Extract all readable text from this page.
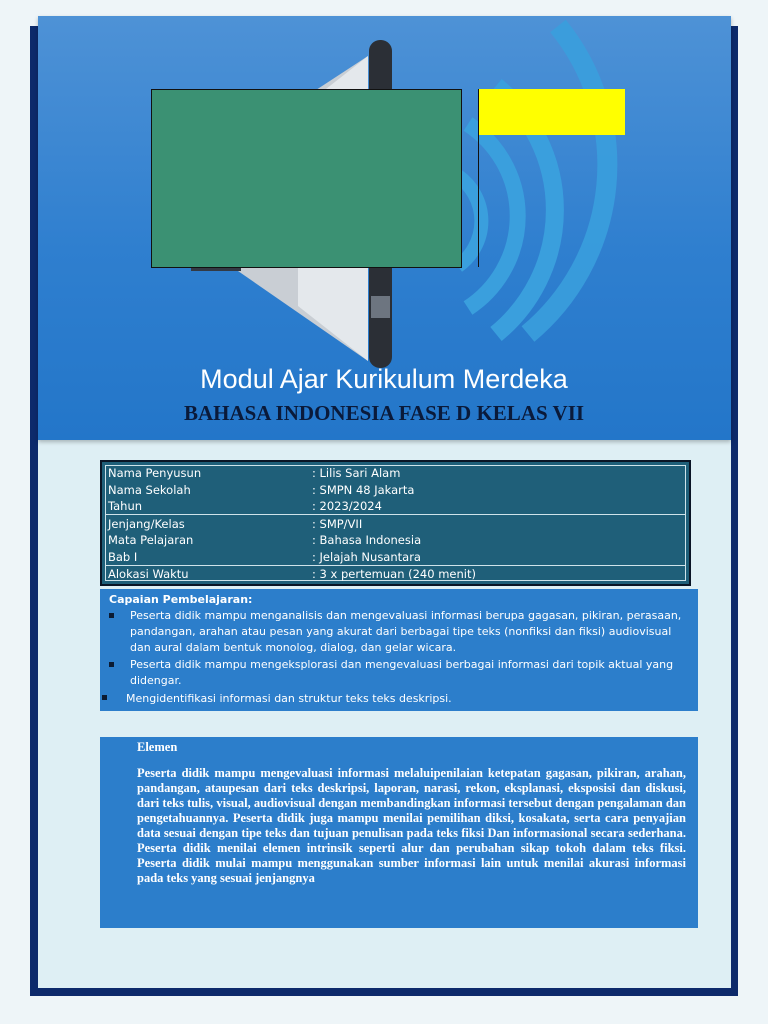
Modul Ajar Kurikulum Merdeka
BAHASA INDONESIA FASE D KELAS VII
Nama Penyusun	: Lilis Sari Alam
Nama Sekolah	: SMPN 48 Jakarta
Tahun	: 2023/2024
Jenjang/Kelas	: SMP/VII
Mata Pelajaran	: Bahasa Indonesia
Bab I	: Jelajah Nusantara
Alokasi Waktu	: 3 x pertemuan (240 menit)
Capaian Pembelajaran:
Peserta didik mampu menganalisis dan mengevaluasi informasi berupa gagasan, pikiran, perasaan, pandangan, arahan atau pesan yang akurat dari berbagai tipe teks (nonfiksi dan fiksi) audiovisual dan aural dalam bentuk monolog, dialog, dan gelar wicara.
Peserta didik mampu mengeksplorasi dan mengevaluasi berbagai informasi dari topik aktual yang didengar.
Mengidentifikasi informasi dan struktur teks teks deskripsi.
Elemen
Peserta didik mampu mengevaluasi informasi melaluipenilaian ketepatan gagasan, pikiran, arahan, pandangan, ataupesan dari teks deskripsi, laporan, narasi, rekon, eksplanasi, eksposisi dan diskusi, dari teks tulis, visual, audiovisual dengan membandingkan informasi tersebut dengan pengalaman dan pengetahuannya. Peserta didik juga mampu menilai pemilihan diksi, kosakata, serta cara penyajian data sesuai dengan tipe teks dan tujuan penulisan pada teks fiksi Dan informasional secara sederhana. Peserta didik menilai elemen intrinsik seperti alur dan perubahan sikap tokoh dalam teks fiksi. Peserta didik mulai mampu menggunakan sumber informasi lain untuk menilai akurasi informasi pada teks yang sesuai jenjangnya
